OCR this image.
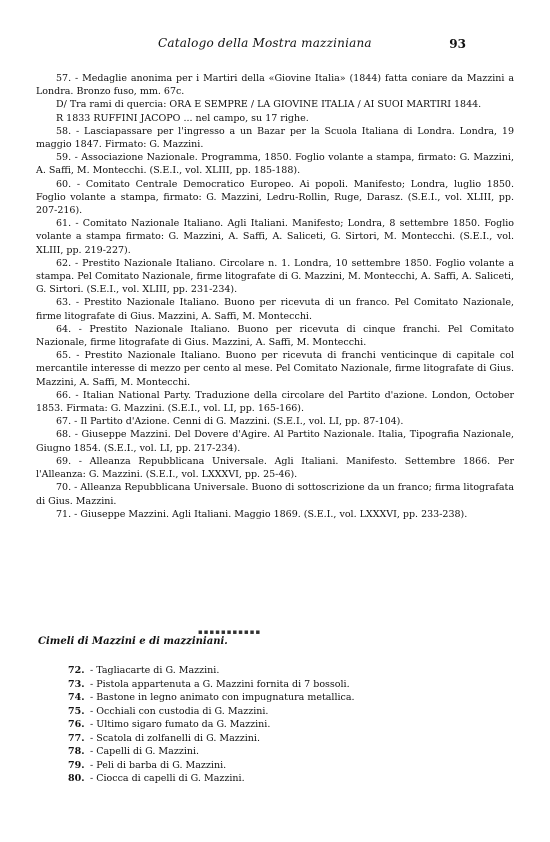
Catalogo della Mostra mazziniana	93

57. - Medaglie anonima per i Martiri della «Giovine Italia» (1844) fatta coniare da Mazzini a Londra. Bronzo fuso, mm. 67c.

D/ Tra rami di quercia: ORA E SEMPRE / LA GIOVINE ITALIA / AI SUOI MARTIRI 1844.

R 1833 RUFFINI JACOPO ... nel campo, su 17 righe.

58. - Lasciapassare per l'ingresso a un Bazar per la Scuola Italiana di Londra. Londra, 19 maggio 1847. Firmato: G. Mazzini.

59. - Associazione Nazionale. Programma, 1850. Foglio volante a stampa, firmato: G. Mazzini, A. Saffi, M. Montecchi. (S.E.I., vol. XLIII, pp. 185-188).

60. - Comitato Centrale Democratico Europeo. Ai popoli. Manifesto; Londra, luglio 1850. Foglio volante a stampa, firmato: G. Mazzini, Ledru-Rollin, Ruge, Darasz. (S.E.I., vol. XLIII, pp. 207-216).

61. - Comitato Nazionale Italiano. Agli Italiani. Manifesto; Londra, 8 settembre 1850. Foglio volante a stampa firmato: G. Mazzini, A. Saffi, A. Saliceti, G. Sirtori, M. Montecchi. (S.E.I., vol. XLIII, pp. 219-227).

62. - Prestito Nazionale Italiano. Circolare n. 1. Londra, 10 settembre 1850. Foglio volante a stampa. Pel Comitato Nazionale, firme litografate di G. Mazzini, M. Montecchi, A. Saffi, A. Saliceti, G. Sirtori. (S.E.I., vol. XLIII, pp. 231-234).

63. - Prestito Nazionale Italiano. Buono per ricevuta di un franco. Pel Comitato Nazionale, firme litografate di Gius. Mazzini, A. Saffi, M. Montecchi.

64. - Prestito Nazionale Italiano. Buono per ricevuta di cinque franchi. Pel Comitato Nazionale, firme litografate di Gius. Mazzini, A. Saffi, M. Montecchi.

65. - Prestito Nazionale Italiano. Buono per ricevuta di franchi venticinque di capitale col mercantile interesse di mezzo per cento al mese. Pel Comitato Nazionale, firme litografate di Gius. Mazzini, A. Saffi, M. Montecchi.

66. - Italian National Party. Traduzione della circolare del Partito d'azione. London, October 1853. Firmata: G. Mazzini. (S.E.I., vol. LI, pp. 165-166).

67. - Il Partito d'Azione. Cenni di G. Mazzini. (S.E.I., vol. LI, pp. 87-104).

68. - Giuseppe Mazzini. Del Dovere d'Agire. Al Partito Nazionale. Italia, Tipografia Nazionale, Giugno 1854. (S.E.I., vol. LI, pp. 217-234).

69. - Alleanza Repubblicana Universale. Agli Italiani. Manifesto. Settembre 1866. Per l'Alleanza: G. Mazzini. (S.E.I., vol. LXXXVI, pp. 25-46).

70. - Alleanza Repubblicana Universale. Buono di sottoscrizione da un franco; firma litografata di Gius. Mazzini.

71. - Giuseppe Mazzini. Agli Italiani. Maggio 1869. (S.E.I., vol. LXXXVI, pp. 233-238).

▪▪▪▪▪▪▪▪▪▪▪
Cimeli di Mazzini e di mazziniani.
72. - Tagliacarte di G. Mazzini.
73. - Pistola appartenuta a G. Mazzini fornita di 7 bossoli.
74. - Bastone in legno animato con impugnatura metallica.
75. - Occhiali con custodia di G. Mazzini.
76. - Ultimo sigaro fumato da G. Mazzini.
77. - Scatola di zolfanelli di G. Mazzini.
78. - Capelli di G. Mazzini.
79. - Peli di barba di G. Mazzini.
80. - Ciocca di capelli di G. Mazzini.
